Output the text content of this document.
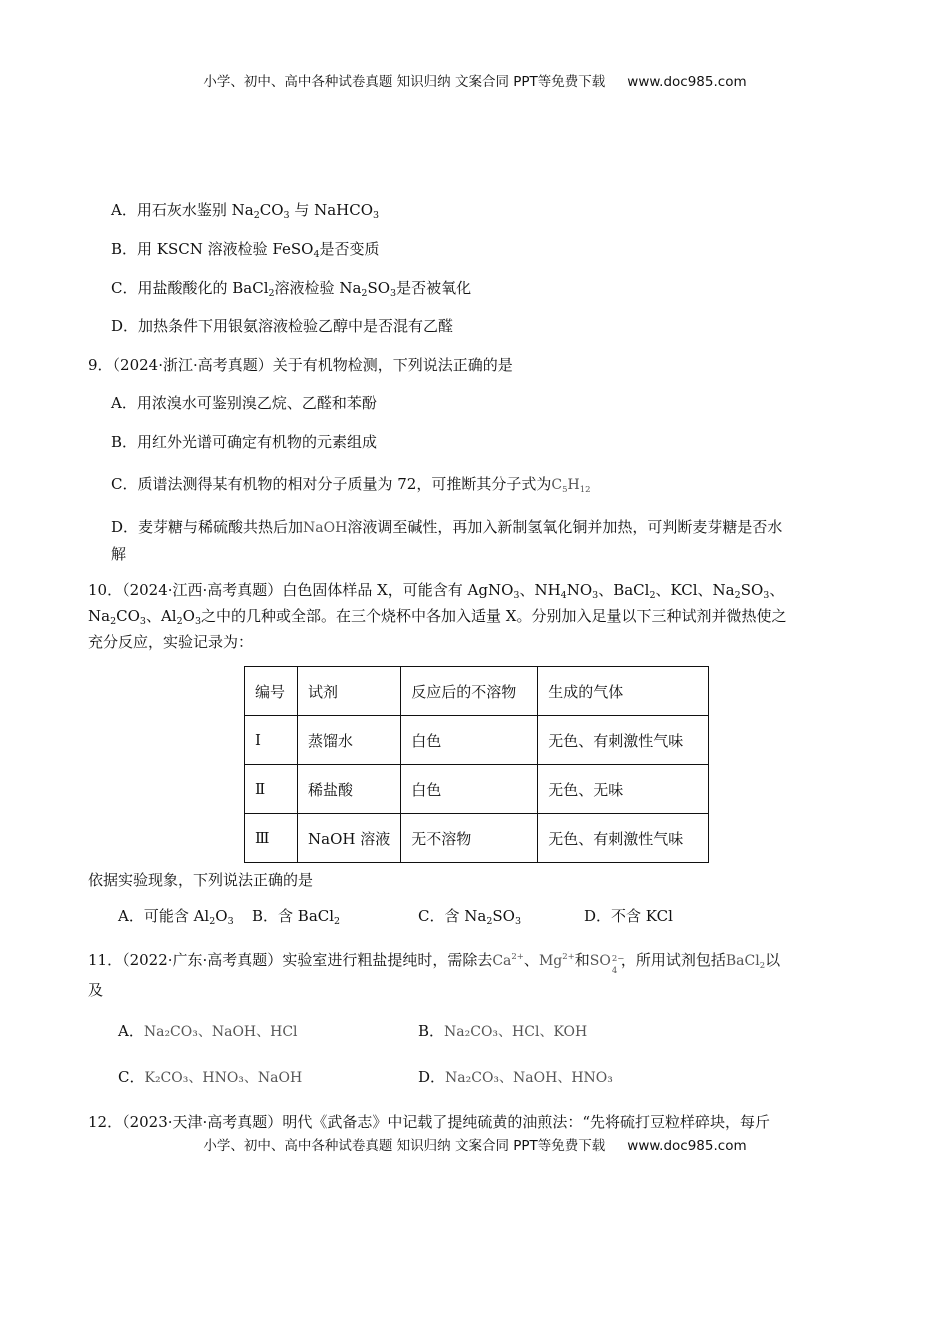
小学、初中、高中各种试卷真题 知识归纳 文案合同 PPT等免费下载 www.doc985.com
A．用石灰水鉴别 $Na_2CO_3$ 与 NaHCO$_3$
B．用 KSCN 溶液检验 FeSO$_4$是否变质
C．用盐酸酸化的 BaCl$_2$溶液检验 $Na_2SO_3$是否被氧化
D．加热条件下用银氨溶液检验乙醇中是否混有乙醛
9．（2024·浙江·高考真题）关于有机物检测，下列说法正确的是
A．用浓溴水可鉴别溴乙烷、乙醛和苯酚
B．用红外光谱可确定有机物的元素组成
C．质谱法测得某有机物的相对分子质量为 72，可推断其分子式为$C_5H_{12}$
D．麦芽糖与稀硫酸共热后加NaOH溶液调至碱性，再加入新制氢氧化铜并加热，可判断麦芽糖是否水
解
10．（2024·江西·高考真题）白色固体样品 X，可能含有 AgNO$_3$、$NH_4NO_3$、BaCl$_2$、KCl、$Na_2SO_3$、
$Na_2CO_3$、$Al_2O_3$之中的几种或全部。在三个烧杯中各加入适量 X。分别加入足量以下三种试剂并微热使之
充分反应，实验记录为：
编号	试剂	反应后的不溶物	生成的气体
Ⅰ	蒸馏水	白色	无色、有刺激性气味
Ⅱ	稀盐酸	白色	无色、无味
Ⅲ	NaOH 溶液	无不溶物	无色、有刺激性气味
依据实验现象，下列说法正确的是
A．可能含 $Al_2O_3$ B．含 BaCl$_2$	C．含 $Na_2SO_3$	D．不含 KCl
11．（2022·广东·高考真题）实验室进行粗盐提纯时，需除去$Ca^{2+}$、$Mg^{2+}$和SO 2−
4
，所用试剂包括BaCl$_2$以
及
A．Na₂CO₃、NaOH、HCl	B．Na₂CO₃、HCl、KOH
C．K₂CO₃、HNO₃、NaOH	D．Na₂CO₃、NaOH、HNO₃
12．（2023·天津·高考真题）明代《武备志》中记载了提纯硫黄的油煎法：“先将硫打豆粒样碎块，每斤
小学、初中、高中各种试卷真题 知识归纳 文案合同 PPT等免费下载 www.doc985.com
